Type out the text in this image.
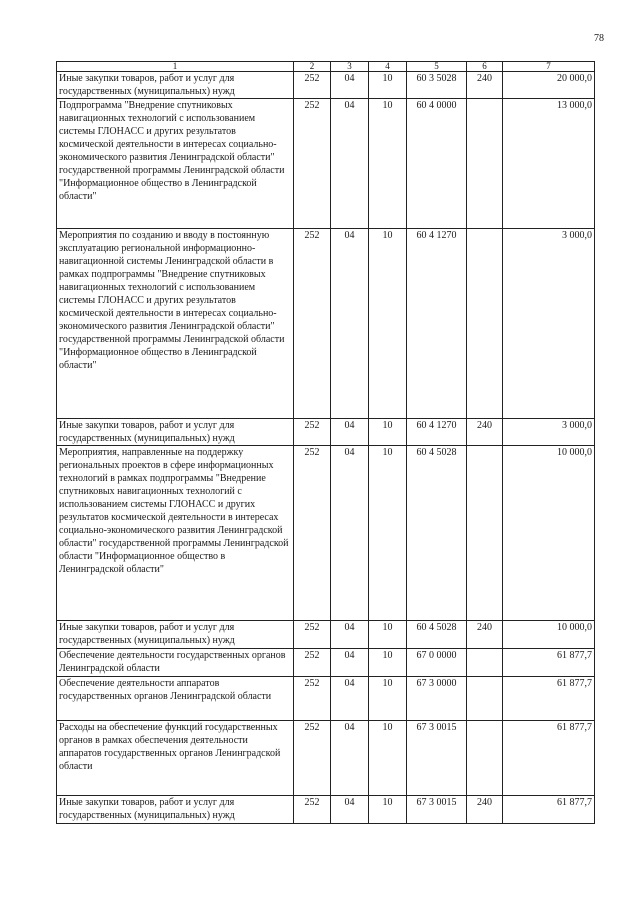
78
1	2	3	4	5	6	7
Иные закупки товаров, работ и услуг для государственных (муниципальных) нужд	252	04	10	60 3 5028	240	20 000,0
Подпрограмма "Внедрение спутниковых навигационных технологий с использованием системы ГЛОНАСС и других результатов космической деятельности в интересах социально-экономического развития Ленинградской области" государственной программы Ленинградской области "Информационное общество в Ленинградской области"	252	04	10	60 4 0000		13 000,0
Мероприятия по созданию и вводу в постоянную эксплуатацию региональной информационно-навигационной системы Ленинградской области в рамках подпрограммы "Внедрение спутниковых навигационных технологий с использованием системы ГЛОНАСС и других результатов космической деятельности в интересах социально-экономического развития Ленинградской области" государственной программы Ленинградской области "Информационное общество в Ленинградской области"	252	04	10	60 4 1270		3 000,0
Иные закупки товаров, работ и услуг для государственных (муниципальных) нужд	252	04	10	60 4 1270	240	3 000,0
Мероприятия, направленные на поддержку региональных проектов в сфере информационных технологий в рамках подпрограммы "Внедрение спутниковых навигационных технологий с использованием системы ГЛОНАСС и других результатов космической деятельности в интересах социально-экономического развития Ленинградской области" государственной программы Ленинградской области "Информационное общество в Ленинградской области"	252	04	10	60 4 5028		10 000,0
Иные закупки товаров, работ и услуг для государственных (муниципальных) нужд	252	04	10	60 4 5028	240	10 000,0
Обеспечение деятельности государственных органов Ленинградской области	252	04	10	67 0 0000		61 877,7
Обеспечение деятельности аппаратов государственных органов Ленинградской области	252	04	10	67 3 0000		61 877,7
Расходы на обеспечение функций государственных органов в рамках обеспечения деятельности аппаратов государственных органов Ленинградской области	252	04	10	67 3 0015		61 877,7
Иные закупки товаров, работ и услуг для государственных (муниципальных) нужд	252	04	10	67 3 0015	240	61 877,7
